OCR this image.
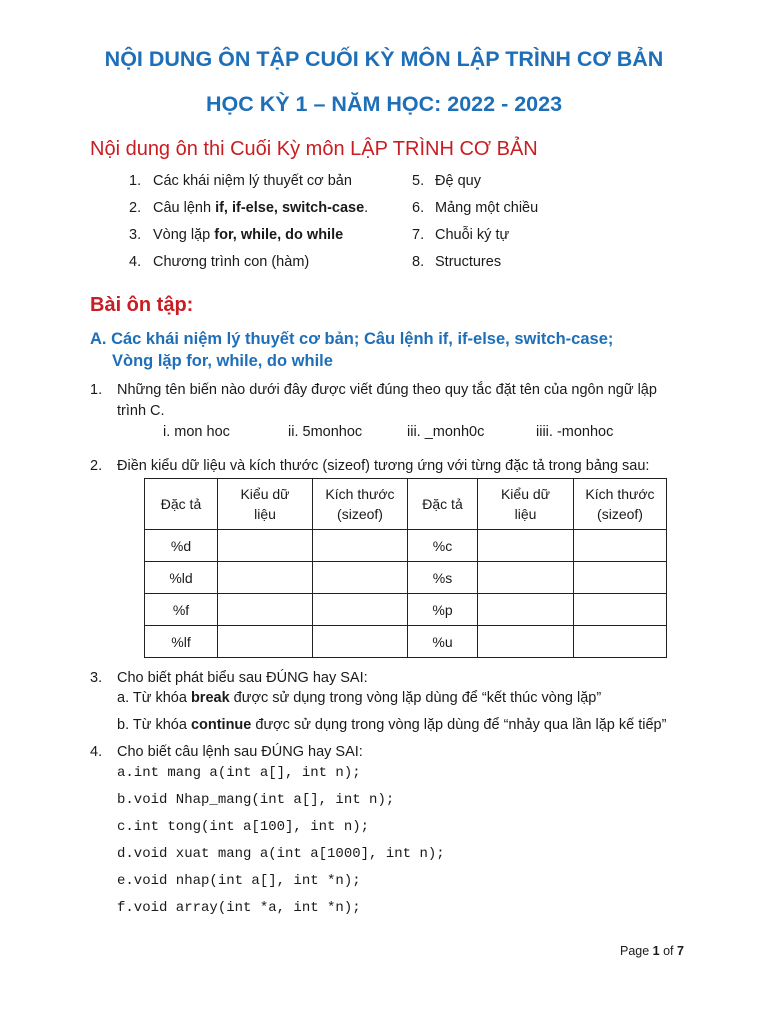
NỘI DUNG ÔN TẬP CUỐI KỲ MÔN LẬP TRÌNH CƠ BẢN
HỌC KỲ 1 – NĂM HỌC: 2022 - 2023
Nội dung ôn thi Cuối Kỳ môn LẬP TRÌNH CƠ BẢN
1. Các khái niệm lý thuyết cơ bản
2. Câu lệnh if, if-else, switch-case.
3. Vòng lặp for, while, do while
4. Chương trình con (hàm)
5. Đệ quy
6. Mảng một chiều
7. Chuỗi ký tự
8. Structures
Bài ôn tập:
A. Các khái niệm lý thuyết cơ bản; Câu lệnh if, if-else, switch-case;
Vòng lặp for, while, do while
1. Những tên biến nào dưới đây được viết đúng theo quy tắc đặt tên của ngôn ngữ lập
trình C.
i. mon hoc	ii. 5monhoc	iii. _monh0c	iiii. -monhoc
2. Điền kiểu dữ liệu và kích thước (sizeof) tương ứng với từng đặc tả trong bảng sau:
Đặc tả	Kiểu dữ
liệu	Kích thước
(sizeof)	Đặc tả	Kiểu dữ
liệu	Kích thước
(sizeof)
%d			%c		
%ld			%s		
%f			%p		
%lf			%u		
3. Cho biết phát biểu sau ĐÚNG hay SAI:
a. Từ khóa break được sử dụng trong vòng lặp dùng để “kết thúc vòng lặp”
b. Từ khóa continue được sử dụng trong vòng lặp dùng để “nhảy qua lần lặp kế tiếp”
4. Cho biết câu lệnh sau ĐÚNG hay SAI:
a.int mang a(int a[], int n);
b.void Nhap_mang(int a[], int n);
c.int tong(int a[100], int n);
d.void xuat mang a(int a[1000], int n);
e.void nhap(int a[], int *n);
f.void array(int *a, int *n);
Page 1 of 7
